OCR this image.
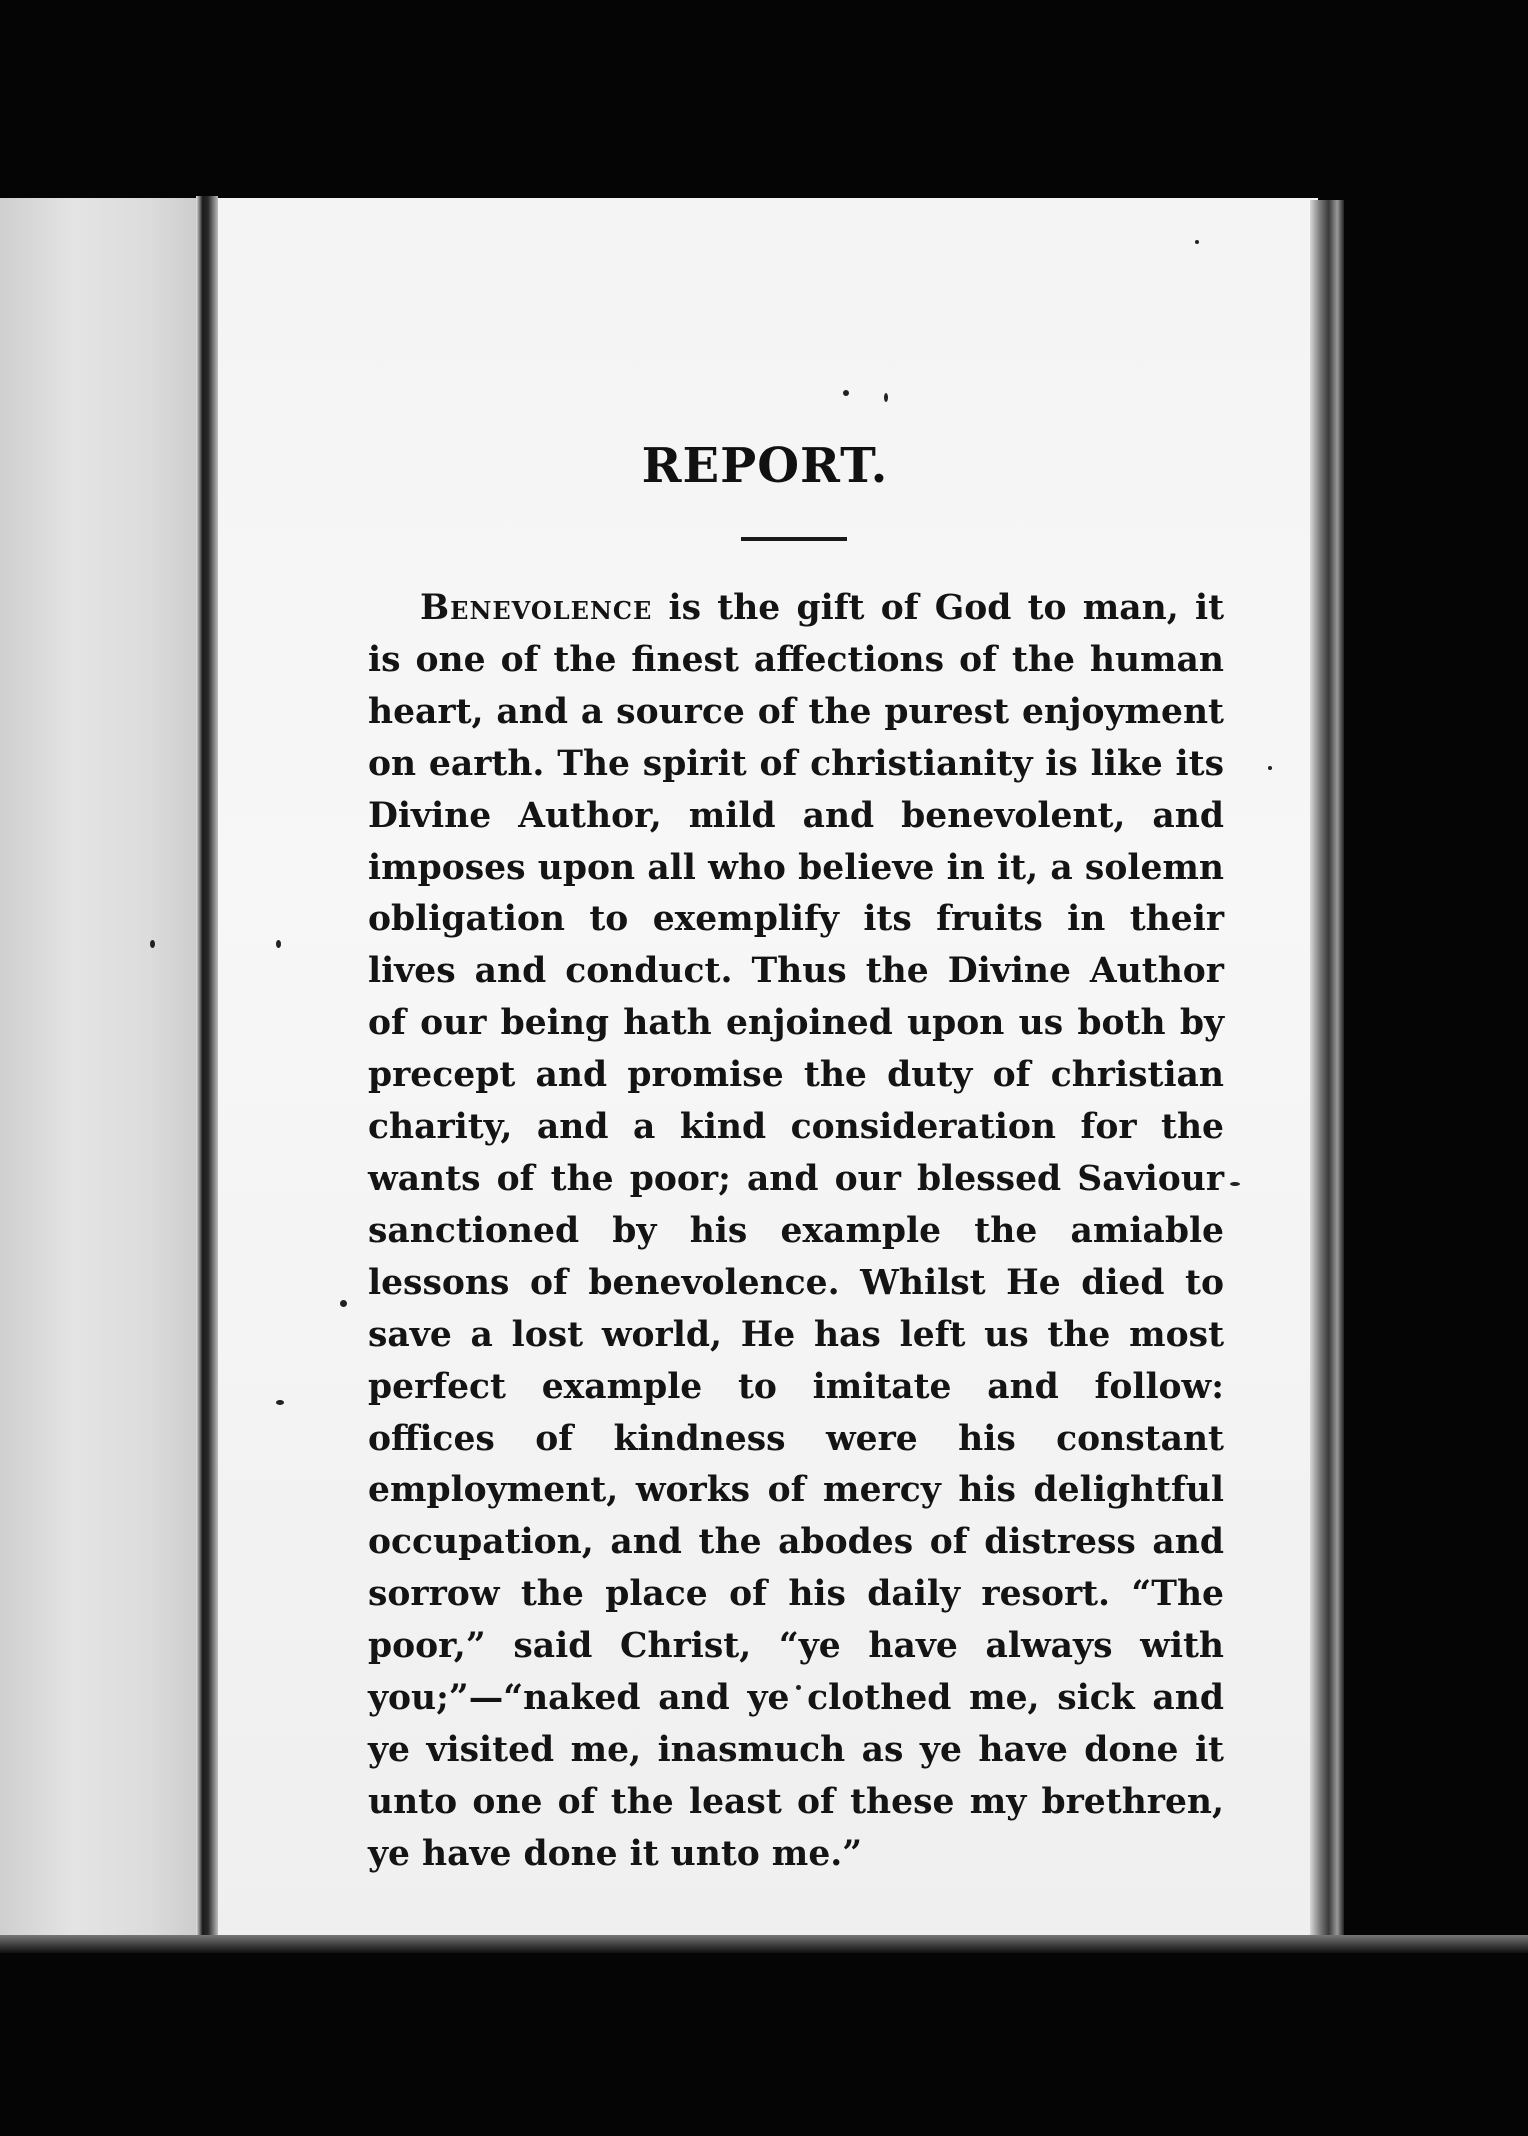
REPORT.

Benevolence is the gift of God to man, it is one of the finest affections of the human heart, and a source of the purest enjoyment on earth. The spirit of christianity is like its Divine Author, mild and benevolent, and imposes upon all who believe in it, a solemn obligation to exemplify its fruits in their lives and conduct. Thus the Divine Author of our being hath enjoined upon us both by precept and promise the duty of christian charity, and a kind consideration for the wants of the poor; and our blessed Saviour sanctioned by his example the amiable lessons of benevolence. Whilst He died to save a lost world, He has left us the most perfect example to imitate and follow: offices of kindness were his constant employment, works of mercy his delightful occupation, and the abodes of distress and sorrow the place of his daily resort. “The poor,” said Christ, “ye have always with you;”—“naked and ye clothed me, sick and ye visited me, inasmuch as ye have done it unto one of the least of these my brethren, ye have done it unto me.”
